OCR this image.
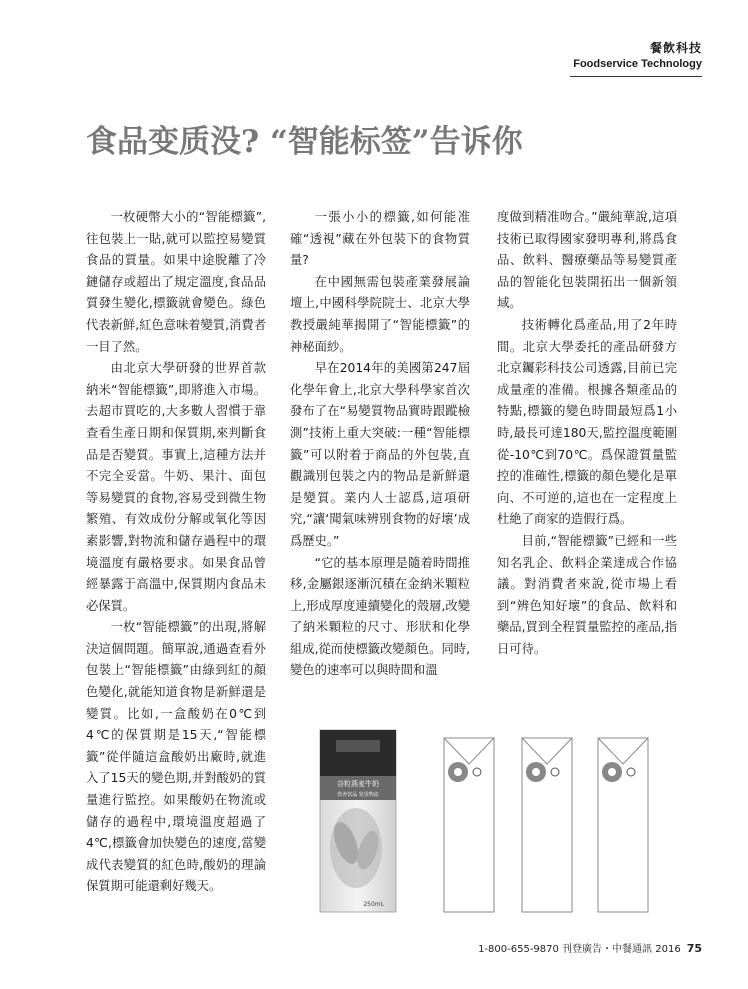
餐飲科技
Foodservice Technology
食品变质没? “智能标签”告诉你

一枚硬幣大小的“智能標籤”,往包裝上一貼,就可以監控易變質食品的質量。如果中途脫離了冷鏈儲存或超出了規定溫度,食品品質發生變化,標籤就會變色。綠色代表新鮮,紅色意味着變質,消費者一目了然。

由北京大學研發的世界首款納米“智能標籤”,即將進入市場。去超市買吃的,大多數人習慣于靠查看生產日期和保質期,來判斷食品是否變質。事實上,這種方法并不完全妥當。牛奶、果汁、面包等易變質的食物,容易受到微生物繁殖、有效成份分解或氧化等因素影響,對物流和儲存過程中的環境溫度有嚴格要求。如果食品曾經暴露于高溫中,保質期内食品未必保質。

一枚“智能標籤”的出現,將解決這個問題。簡單說,通過查看外包裝上“智能標籤”由綠到紅的顏色變化,就能知道食物是新鮮還是變質。比如,一盒酸奶在0℃到4℃的保質期是15天,“智能標籤”從伴隨這盒酸奶出廠時,就進入了15天的變色期,并對酸奶的質量進行監控。如果酸奶在物流或儲存的過程中,環境溫度超過了4℃,標籤會加快變色的速度,當變成代表變質的紅色時,酸奶的理論保質期可能還剩好幾天。

一張小小的標籤,如何能准確“透視”藏在外包裝下的食物質量?

在中國無需包裝產業發展論壇上,中國科學院院士、北京大學教授嚴純華揭開了“智能標籤”的神秘面紗。

早在2014年的美國第247屆化學年會上,北京大學科學家首次發布了在“易變質物品實時跟蹤檢測”技術上重大突破:一種“智能標籤”可以附着于商品的外包裝,直觀識別包裝之内的物品是新鮮還是變質。業内人士認爲,這項研究,“讓‘聞氣味辨別食物的好壞’成爲歷史。”

“它的基本原理是隨着時間推移,金屬銀逐漸沉積在金納米顆粒上,形成厚度連續變化的殼層,改變了納米顆粒的尺寸、形狀和化學組成,從而使標籤改變顏色。同時,變色的速率可以與時間和溫

度做到精准吻合。”嚴純華說,這項技術已取得國家發明專利,將爲食品、飲料、醫療藥品等易變質產品的智能化包裝開拓出一個新領域。

技術轉化爲產品,用了2年時間。北京大學委托的產品研發方北京钃彩科技公司透露,目前已完成量產的准備。根據各類產品的特點,標籤的變色時間最短爲1小時,最長可達180天,監控溫度範圍從-10℃到70℃。爲保證質量監控的准確性,標籤的顏色變化是單向、不可逆的,這也在一定程度上杜絶了商家的造假行爲。

目前,“智能標籤”已經和一些知名乳企、飲料企業達成合作協議。對消費者來說,從市場上看到“辨色知好壞”的食品、飲料和藥品,買到全程質量監控的產品,指日可待。

谷粒燕麦牛奶
营养饮品 发货物流
250mL
1-800-655-9870 刊登廣告・中餐通訊 2016 75
